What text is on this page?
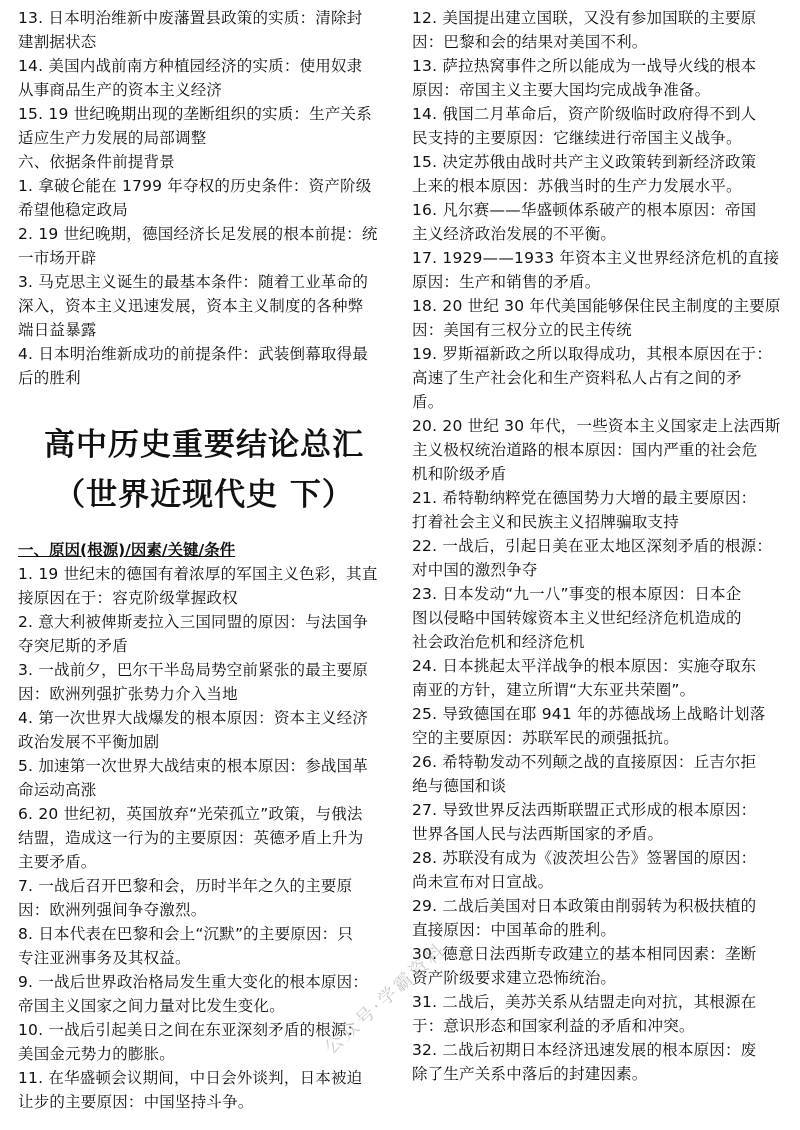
13. 日本明治维新中废藩置县政策的实质：清除封
建割据状态
14. 美国内战前南方种植园经济的实质：使用奴隶
从事商品生产的资本主义经济
15. 19 世纪晚期出现的垄断组织的实质：生产关系
适应生产力发展的局部调整
六、依据条件前提背景
1. 拿破仑能在 1799 年夺权的历史条件：资产阶级
希望他稳定政局
2. 19 世纪晚期，德国经济长足发展的根本前提：统
一市场开辟
3. 马克思主义诞生的最基本条件：随着工业革命的
深入，资本主义迅速发展，资本主义制度的各种弊
端日益暴露
4. 日本明治维新成功的前提条件：武装倒幕取得最
后的胜利
高中历史重要结论总汇
（世界近现代史 下）
一、原因(根源)/因素/关键/条件
1. 19 世纪末的德国有着浓厚的军国主义色彩，其直
接原因在于：容克阶级掌握政权
2. 意大利被俾斯麦拉入三国同盟的原因：与法国争
夺突尼斯的矛盾
3. 一战前夕，巴尔干半岛局势空前紧张的最主要原
因：欧洲列强扩张势力介入当地
4. 第一次世界大战爆发的根本原因：资本主义经济
政治发展不平衡加剧
5. 加速第一次世界大战结束的根本原因：参战国革
命运动高涨
6. 20 世纪初，英国放弃“光荣孤立”政策，与俄法
结盟，造成这一行为的主要原因：英德矛盾上升为
主要矛盾。
7. 一战后召开巴黎和会，历时半年之久的主要原
因：欧洲列强间争夺激烈。
8. 日本代表在巴黎和会上“沉默”的主要原因：只
专注亚洲事务及其权益。
9. 一战后世界政治格局发生重大变化的根本原因：
帝国主义国家之间力量对比发生变化。
10. 一战后引起美日之间在东亚深刻矛盾的根源：
美国金元势力的膨胀。
11. 在华盛顿会议期间，中日会外谈判，日本被迫
让步的主要原因：中国坚持斗争。
12. 美国提出建立国联，又没有参加国联的主要原
因：巴黎和会的结果对美国不利。
13. 萨拉热窝事件之所以能成为一战导火线的根本
原因：帝国主义主要大国均完成战争准备。
14. 俄国二月革命后，资产阶级临时政府得不到人
民支持的主要原因：它继续进行帝国主义战争。
15. 决定苏俄由战时共产主义政策转到新经济政策
上来的根本原因：苏俄当时的生产力发展水平。
16. 凡尔赛——华盛顿体系破产的根本原因：帝国
主义经济政治发展的不平衡。
17. 1929——1933 年资本主义世界经济危机的直接
原因：生产和销售的矛盾。
18. 20 世纪 30 年代美国能够保住民主制度的主要原
因：美国有三权分立的民主传统
19. 罗斯福新政之所以取得成功，其根本原因在于：
高速了生产社会化和生产资料私人占有之间的矛
盾。
20. 20 世纪 30 年代，一些资本主义国家走上法西斯
主义极权统治道路的根本原因：国内严重的社会危
机和阶级矛盾
21. 希特勒纳粹党在德国势力大增的最主要原因：
打着社会主义和民族主义招牌骗取支持
22. 一战后，引起日美在亚太地区深刻矛盾的根源：
对中国的激烈争夺
23. 日本发动“九一八”事变的根本原因：日本企
图以侵略中国转嫁资本主义世纪经济危机造成的
社会政治危机和经济危机
24. 日本挑起太平洋战争的根本原因：实施夺取东
南亚的方针，建立所谓“大东亚共荣圈”。
25. 导致德国在耶 941 年的苏德战场上战略计划落
空的主要原因：苏联军民的顽强抵抗。
26. 希特勒发动不列颠之战的直接原因：丘吉尔拒
绝与德国和谈
27. 导致世界反法西斯联盟正式形成的根本原因：
世界各国人民与法西斯国家的矛盾。
28. 苏联没有成为《波茨坦公告》签署国的原因：
尚未宣布对日宣战。
29. 二战后美国对日本政策由削弱转为积极扶植的
直接原因：中国革命的胜利。
30. 德意日法西斯专政建立的基本相同因素：垄断
资产阶级要求建立恐怖统治。
31. 二战后，美苏关系从结盟走向对抗，其根源在
于：意识形态和国家利益的矛盾和冲突。
32. 二战后初期日本经济迅速发展的根本原因：废
除了生产关系中落后的封建因素。
公众号·学霸资料
